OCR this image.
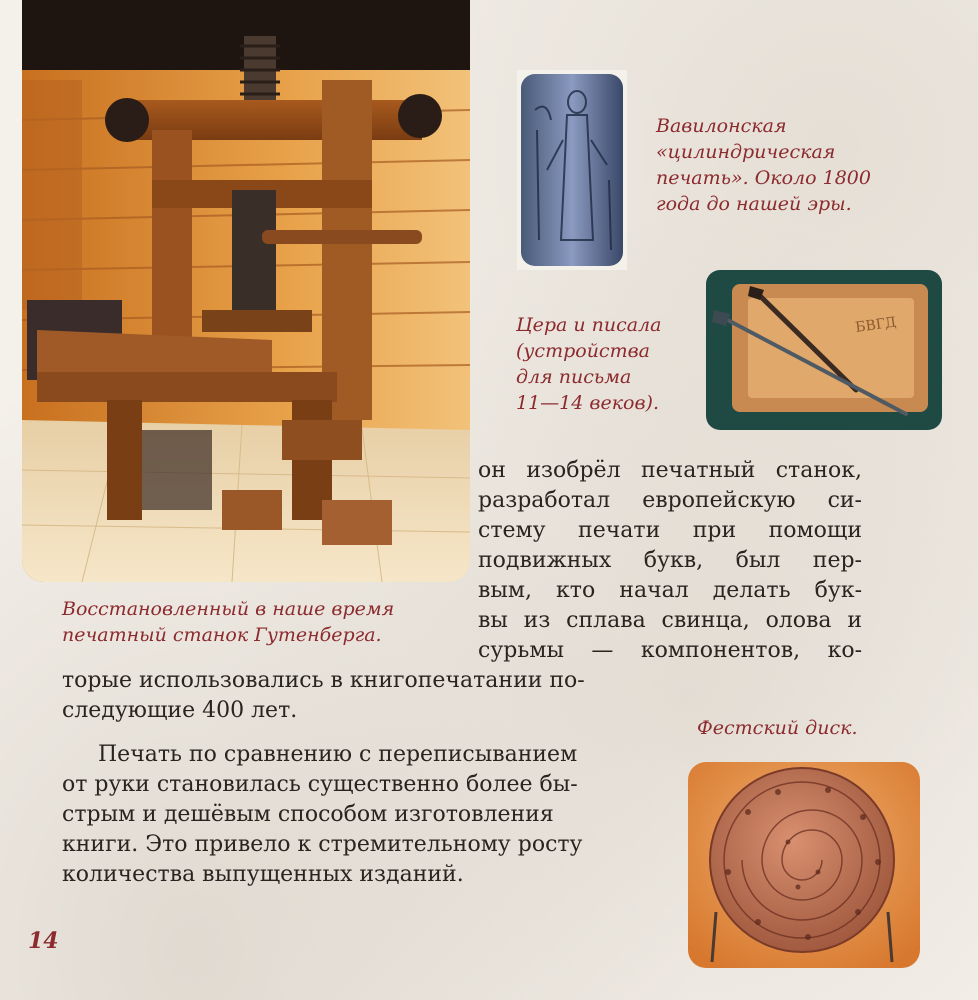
БВГД

Вавилонская
«цилиндрическая
печать». Около 1800
года до нашей эры.

Цера и писала
(устройства
для письма
11—14 веков).

Восстановленный в наше время
печатный станок Гутенберга.

Фестский диск.

он изобрёл печатный станок,
разработал европейскую си-
стему печати при помощи
подвижных букв, был пер-
вым, кто начал делать бук-
вы из сплава свинца, олова и
сурьмы — компонентов, ко-
торые использовались в книгопечатании по-
следующие 400 лет.
Печать по сравнению с переписыванием
от руки становилась существенно более бы-
стрым и дешёвым способом изготовления
книги. Это привело к стремительному росту
количества выпущенных изданий.
14
